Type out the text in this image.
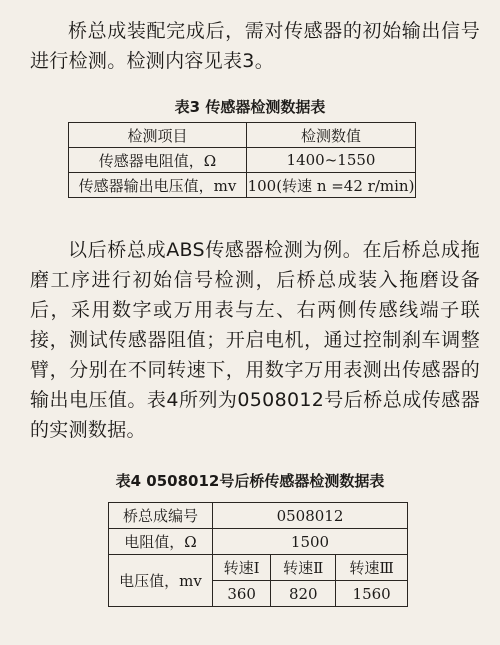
桥总成装配完成后，需对传感器的初始输出信号进行检测。检测内容见表3。

表3 传感器检测数据表
检测项目	检测数值
传感器电阻值，Ω	1400~1550
传感器输出电压值，mv	100(转速 n =42 r/min)

以后桥总成ABS传感器检测为例。在后桥总成拖磨工序进行初始信号检测，后桥总成装入拖磨设备后，采用数字或万用表与左、右两侧传感线端子联接，测试传感器阻值；开启电机，通过控制刹车调整臂，分别在不同转速下，用数字万用表测出传感器的输出电压值。表4所列为0508012号后桥总成传感器的实测数据。

表4 0508012号后桥传感器检测数据表
桥总成编号	0508012		
电阻值，Ω	1500		
电压值，mv	转速Ⅰ	转速Ⅱ	转速Ⅲ
	360	820	1560
